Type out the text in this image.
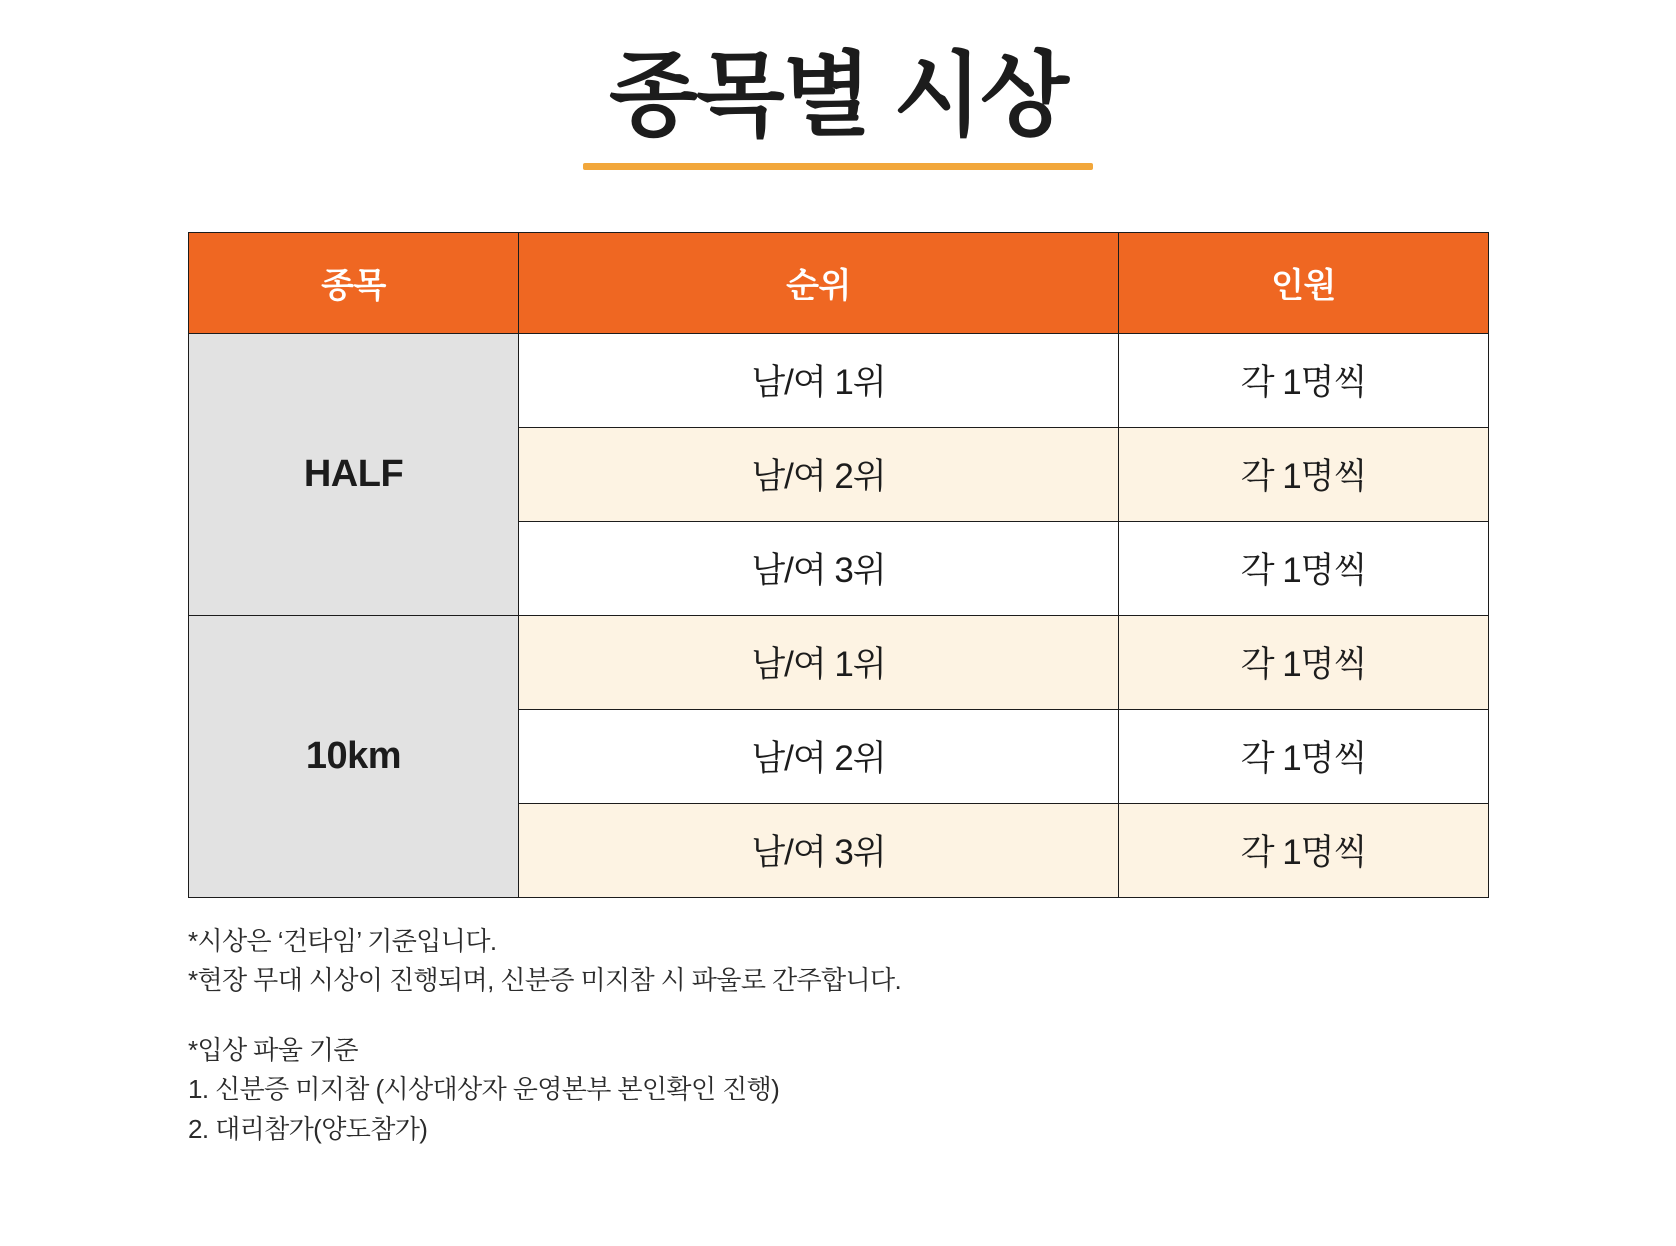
종목별 시상
종목	순위	인원
HALF	남/여 1위	각 1명씩
	남/여 2위	각 1명씩
	남/여 3위	각 1명씩
10km	남/여 1위	각 1명씩
	남/여 2위	각 1명씩
	남/여 3위	각 1명씩
*시상은 ‘건타임’ 기준입니다.
*현장 무대 시상이 진행되며, 신분증 미지참 시 파울로 간주합니다.
*입상 파울 기준
1. 신분증 미지참 (시상대상자 운영본부 본인확인 진행)
2. 대리참가(양도참가)
